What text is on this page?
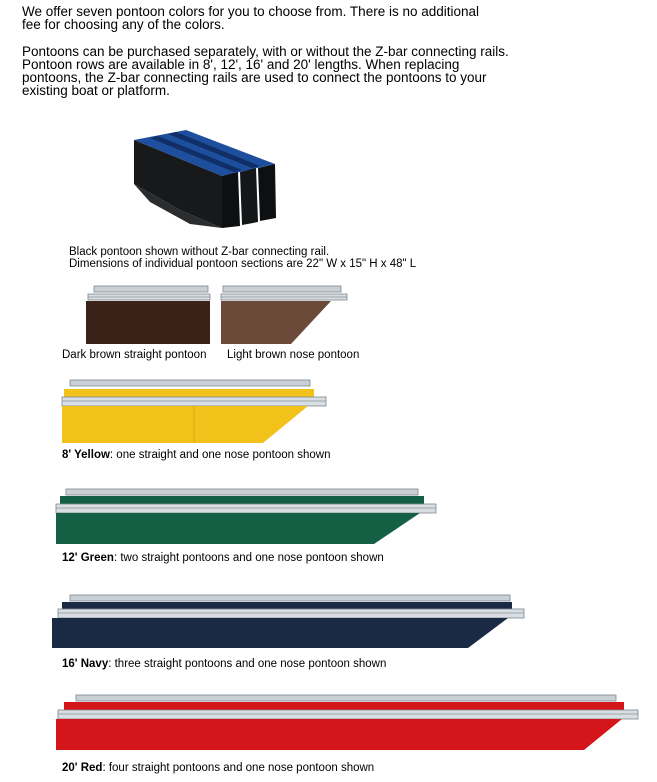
We offer seven pontoon colors for you to choose from. There is no additional
fee for choosing any of the colors.
Pontoons can be purchased separately, with or without the Z-bar connecting rails.
Pontoon rows are available in 8', 12', 16' and 20' lengths. When replacing
pontoons, the Z-bar connecting rails are used to connect the pontoons to your
existing boat or platform.
Black pontoon shown without Z-bar connecting rail.
Dimensions of individual pontoon sections are 22" W x 15" H x 48" L
Dark brown straight pontoon Light brown nose pontoon
8' Yellow: one straight and one nose pontoon shown
12' Green: two straight pontoons and one nose pontoon shown
16' Navy: three straight pontoons and one nose pontoon shown
20' Red: four straight pontoons and one nose pontoon shown
